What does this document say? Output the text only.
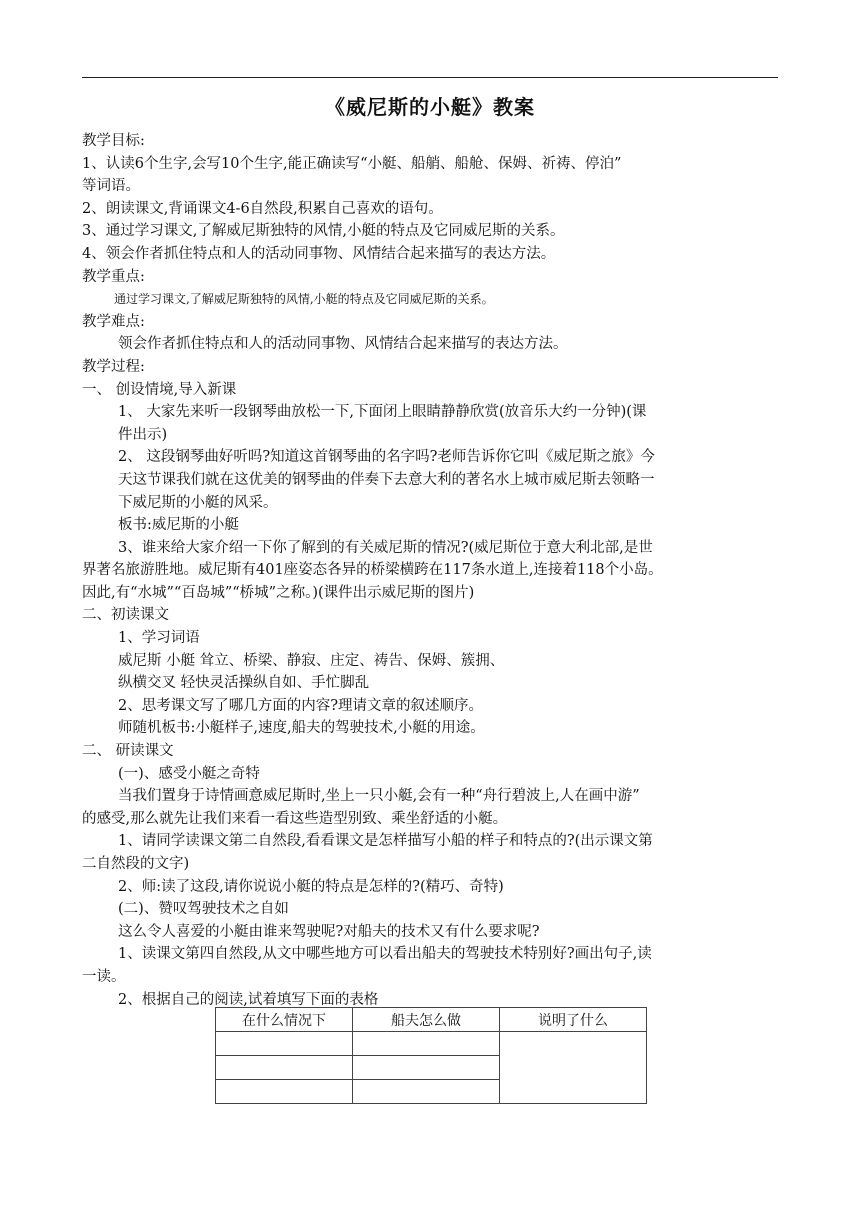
《威尼斯的小艇》教案
教学目标:
1、认读6个生字,会写10个生字,能正确读写“小艇、船艄、船舱、保姆、祈祷、停泊”
等词语。
2、朗读课文,背诵课文4-6自然段,积累自己喜欢的语句。
3、通过学习课文,了解威尼斯独特的风情,小艇的特点及它同威尼斯的关系。
4、领会作者抓住特点和人的活动同事物、风情结合起来描写的表达方法。
教学重点:
通过学习课文,了解威尼斯独特的风情,小艇的特点及它同威尼斯的关系。
教学难点:
领会作者抓住特点和人的活动同事物、风情结合起来描写的表达方法。
教学过程:
一、 创设情境,导入新课
1、 大家先来听一段钢琴曲放松一下,下面闭上眼睛静静欣赏(放音乐大约一分钟)(课
件出示)
2、 这段钢琴曲好听吗?知道这首钢琴曲的名字吗?老师告诉你它叫《威尼斯之旅》今
天这节课我们就在这优美的钢琴曲的伴奏下去意大利的著名水上城市威尼斯去领略一
下威尼斯的小艇的风采。
板书:威尼斯的小艇
3、谁来给大家介绍一下你了解到的有关威尼斯的情况?(威尼斯位于意大利北部,是世
界著名旅游胜地。威尼斯有401座姿态各异的桥梁横跨在117条水道上,连接着118个小岛。
因此,有“水城”“百岛城”“桥城”之称。)(课件出示威尼斯的图片)
二、初读课文
1、学习词语
威尼斯 小艇 耸立、桥梁、静寂、庄定、祷告、保姆、簇拥、
纵横交叉 轻快灵活操纵自如、手忙脚乱
2、思考课文写了哪几方面的内容?理请文章的叙述顺序。
师随机板书:小艇样子,速度,船夫的驾驶技术,小艇的用途。
二、 研读课文
(一)、感受小艇之奇特
当我们置身于诗情画意威尼斯时,坐上一只小艇,会有一种“舟行碧波上,人在画中游”
的感受,那么就先让我们来看一看这些造型别致、乘坐舒适的小艇。
1、请同学读课文第二自然段,看看课文是怎样描写小船的样子和特点的?(出示课文第
二自然段的文字)
2、师:读了这段,请你说说小艇的特点是怎样的?(精巧、奇特)
(二)、赞叹驾驶技术之自如
这么令人喜爱的小艇由谁来驾驶呢?对船夫的技术又有什么要求呢?
1、读课文第四自然段,从文中哪些地方可以看出船夫的驾驶技术特别好?画出句子,读
一读。
2、根据自己的阅读,试着填写下面的表格
在什么情况下	船夫怎么做	说明了什么
